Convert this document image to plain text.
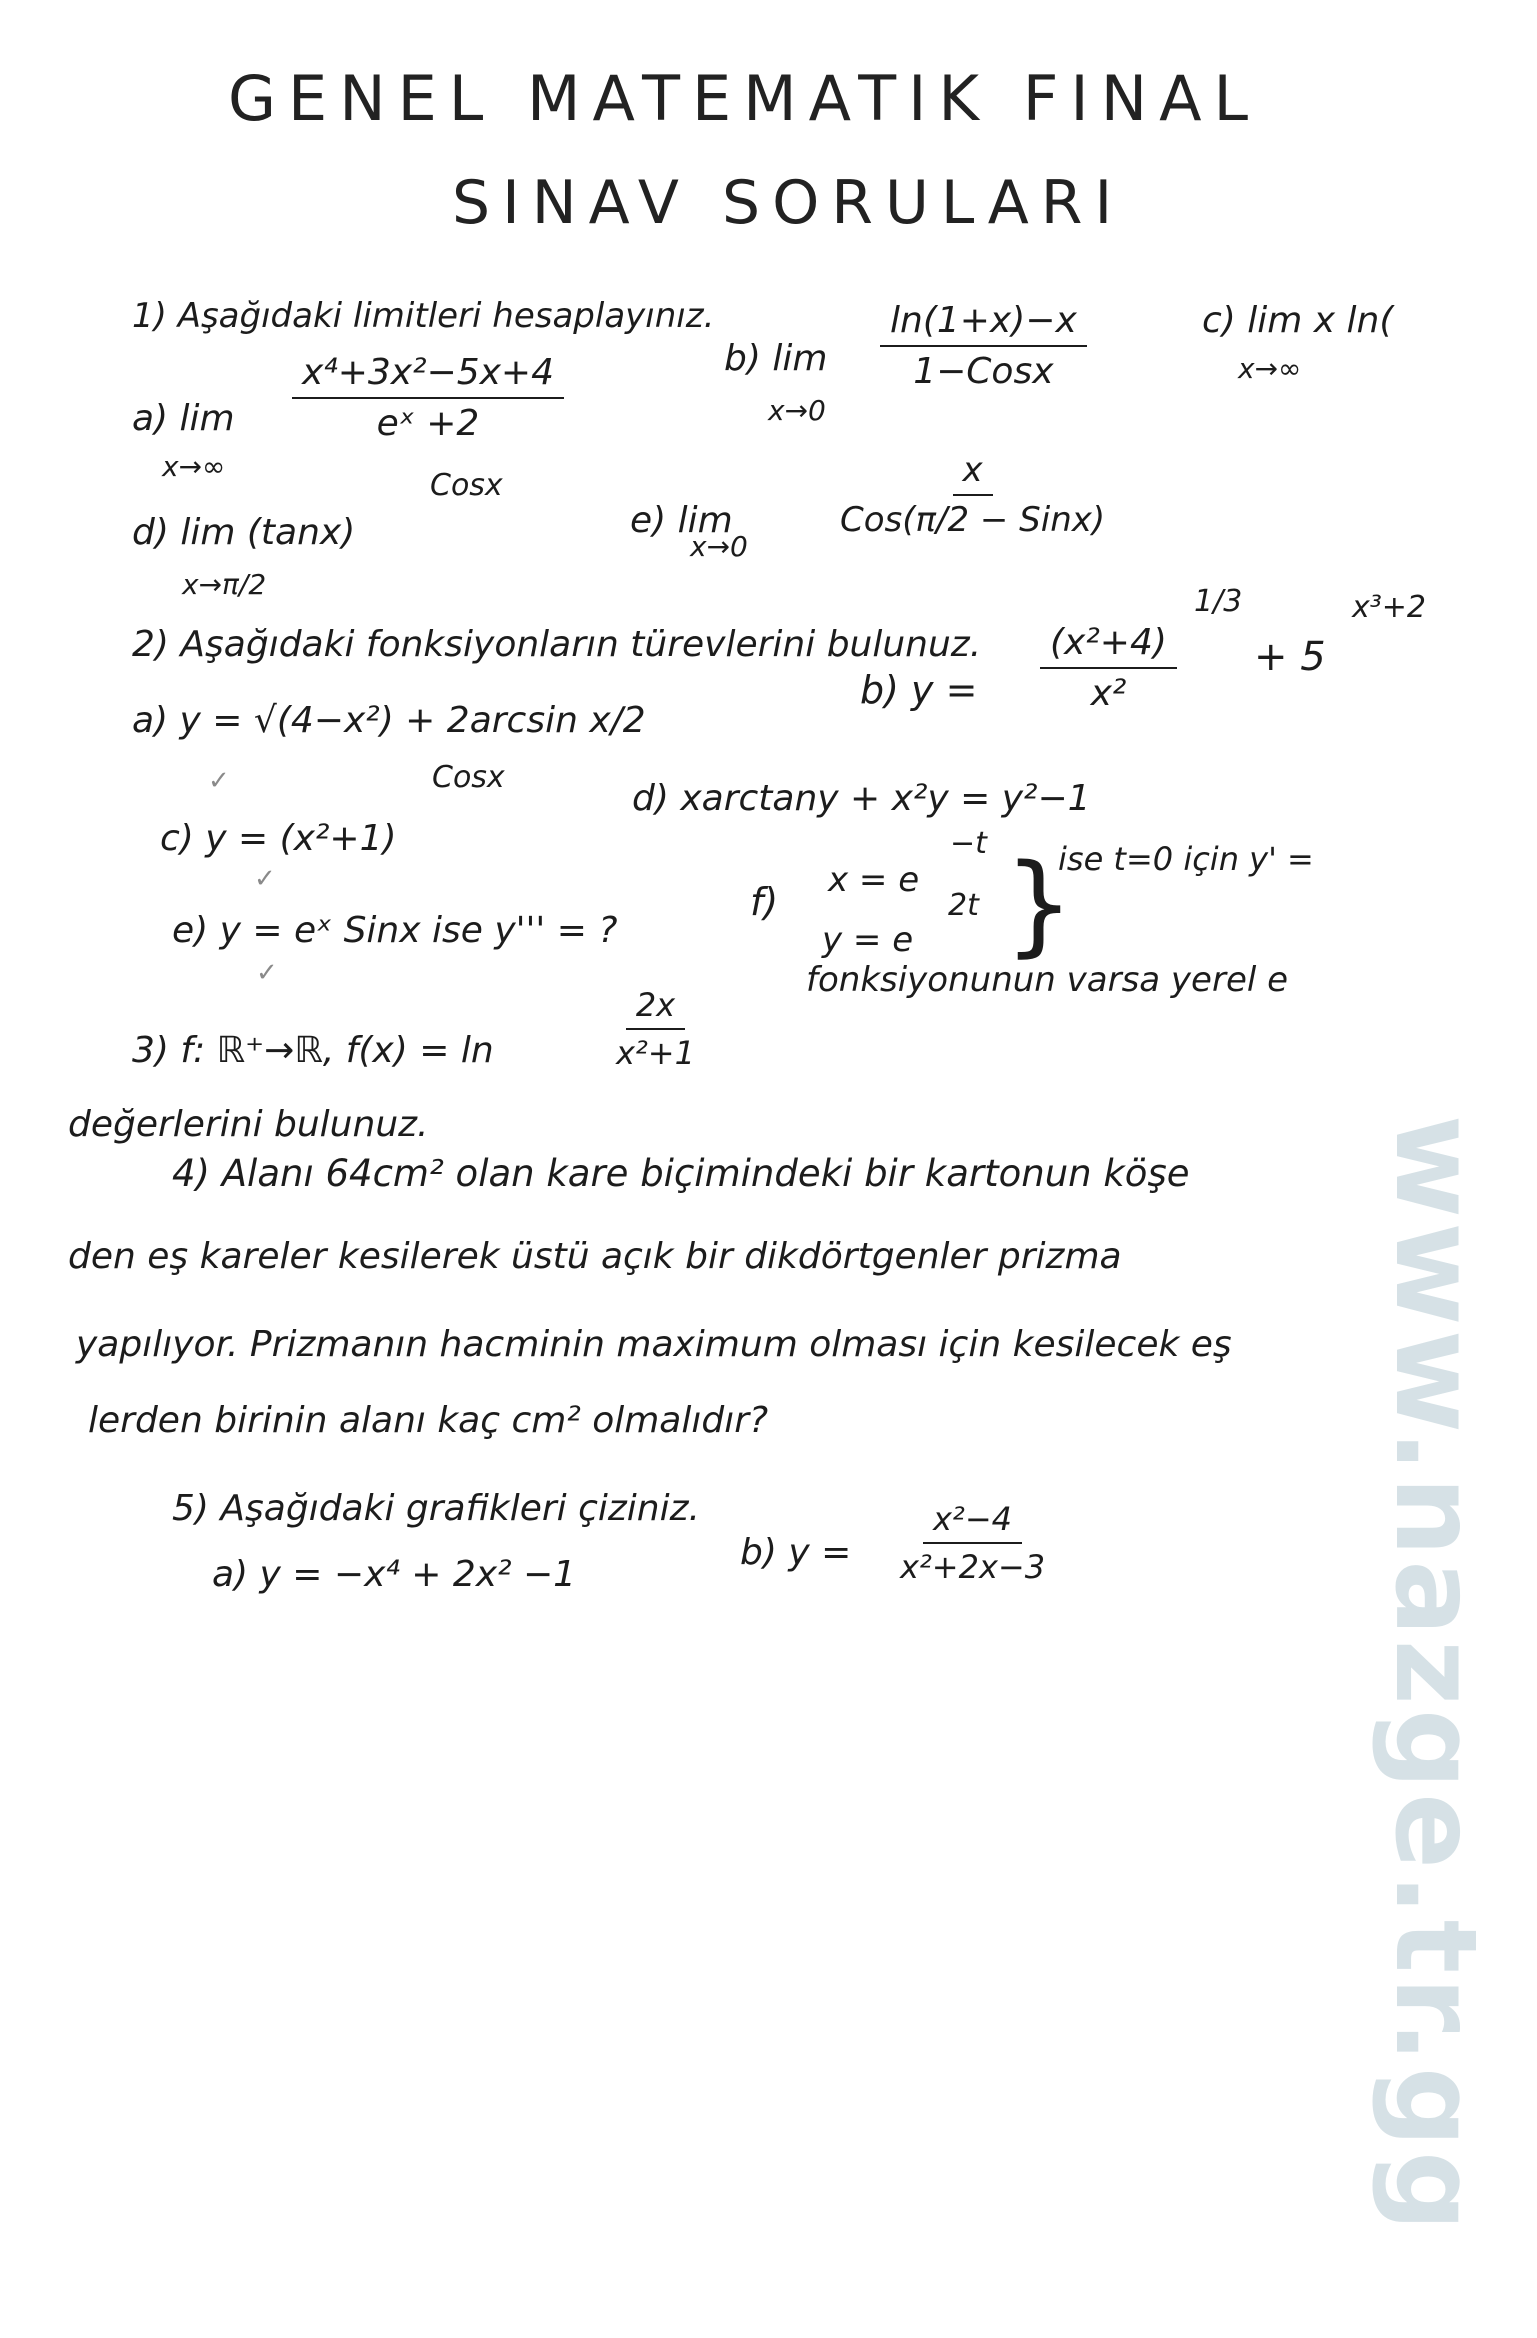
GENEL MATEMATIK FINAL
SINAV SORULARI
1) Aşağıdaki limitleri hesaplayınız.
a) lim
x→∞
$\frac{\text{x⁴+3x²−5x+4}}{\text{eˣ +2}}$	b) lim
x→0
ln(1+x)−x
1−Cosx
c) lim x ln(
x→∞
d) lim (tanx)
Cosx
x→π/2
e) lim
x→0
x
Cos(π/2 − Sinx)
2) Aşağıdaki fonksiyonların türevlerini bulunuz.
a) y = √(4−x²) + 2arcsin x/2
b) $y = \frac{\text{(x²+4)}}{\text{x²}}$
1/3
+ 5
x³+2
c) y = (x²+1)
Cosx
d) xarctany + x²y = y²−1
e) y = eˣ Sinx ise y''' = ?
f) x = e
−t
y = e
2t }
ise t=0 için y' =
3) f: ℝ⁺→ℝ, f(x) = ln	$\frac{2x}{\text{x²+1}}$
fonksiyonunun varsa yerel e
değerlerini bulunuz.
4) Alanı 64cm² olan kare biçimindeki bir kartonun köşe
den eş kareler kesilerek üstü açık bir dikdörtgenler prizma
yapılıyor. Prizmanın hacminin maximum olması için kesilecek eş
lerden birinin alanı kaç cm² olmalıdır?
5) Aşağıdaki grafikleri çiziniz.
a) y = −x⁴ + 2x² −1
b) $y = \frac{\text{x²−4}}{\text{x²+2x−3}}$
✓
✓
✓
www.nazge.tr.gg
